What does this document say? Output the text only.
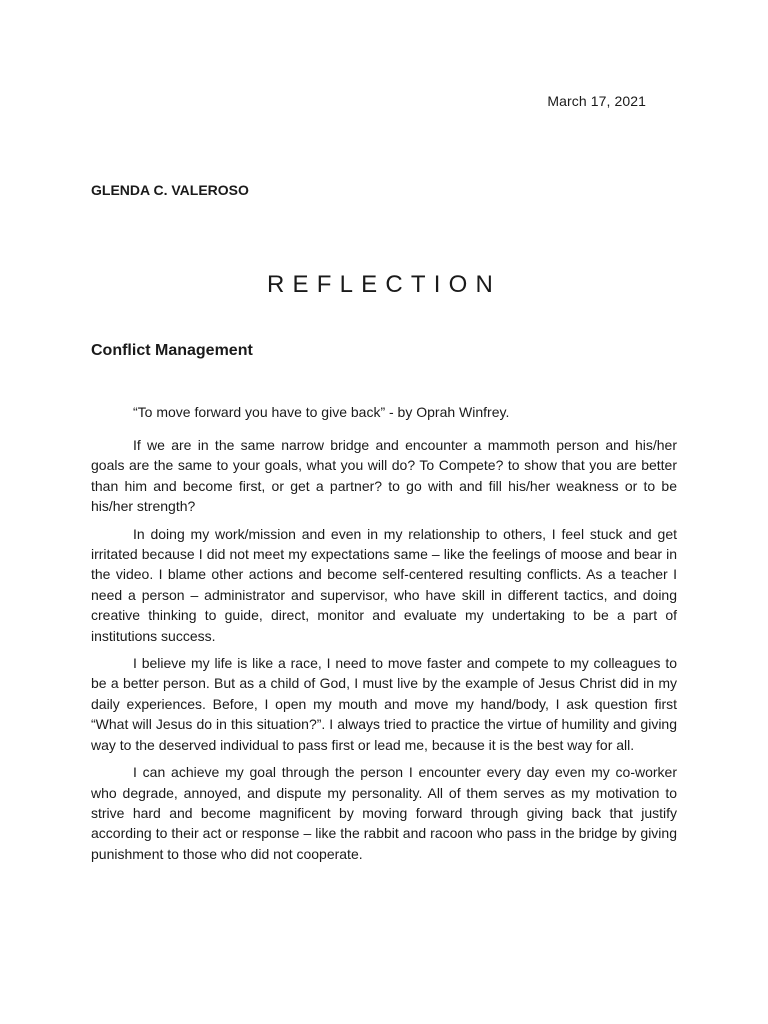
March 17, 2021
GLENDA C. VALEROSO
REFLECTION
Conflict Management
“To move forward you have to give back” - by Oprah Winfrey.

If we are in the same narrow bridge and encounter a mammoth person and his/her goals are the same to your goals, what you will do? To Compete? to show that you are better than him and become first, or get a partner? to go with and fill his/her weakness or to be his/her strength?

In doing my work/mission and even in my relationship to others, I feel stuck and get irritated because I did not meet my expectations same – like the feelings of moose and bear in the video. I blame other actions and become self-centered resulting conflicts. As a teacher I need a person – administrator and supervisor, who have skill in different tactics, and doing creative thinking to guide, direct, monitor and evaluate my undertaking to be a part of institutions success.

I believe my life is like a race, I need to move faster and compete to my colleagues to be a better person. But as a child of God, I must live by the example of Jesus Christ did in my daily experiences. Before, I open my mouth and move my hand/body, I ask question first “What will Jesus do in this situation?”. I always tried to practice the virtue of humility and giving way to the deserved individual to pass first or lead me, because it is the best way for all.

I can achieve my goal through the person I encounter every day even my co-worker who degrade, annoyed, and dispute my personality. All of them serves as my motivation to strive hard and become magnificent by moving forward through giving back that justify according to their act or response – like the rabbit and racoon who pass in the bridge by giving punishment to those who did not cooperate.
